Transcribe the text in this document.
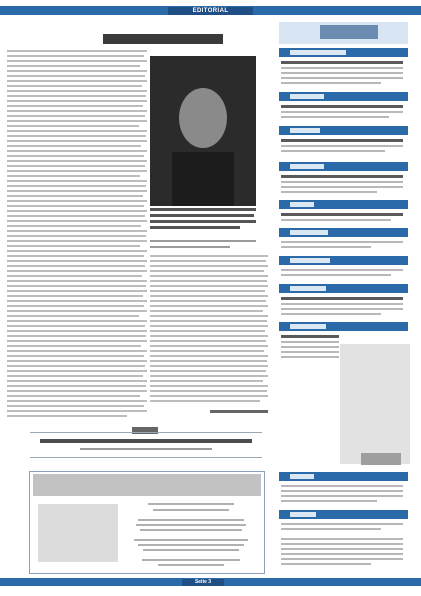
EDITORIAL
Seite 3
